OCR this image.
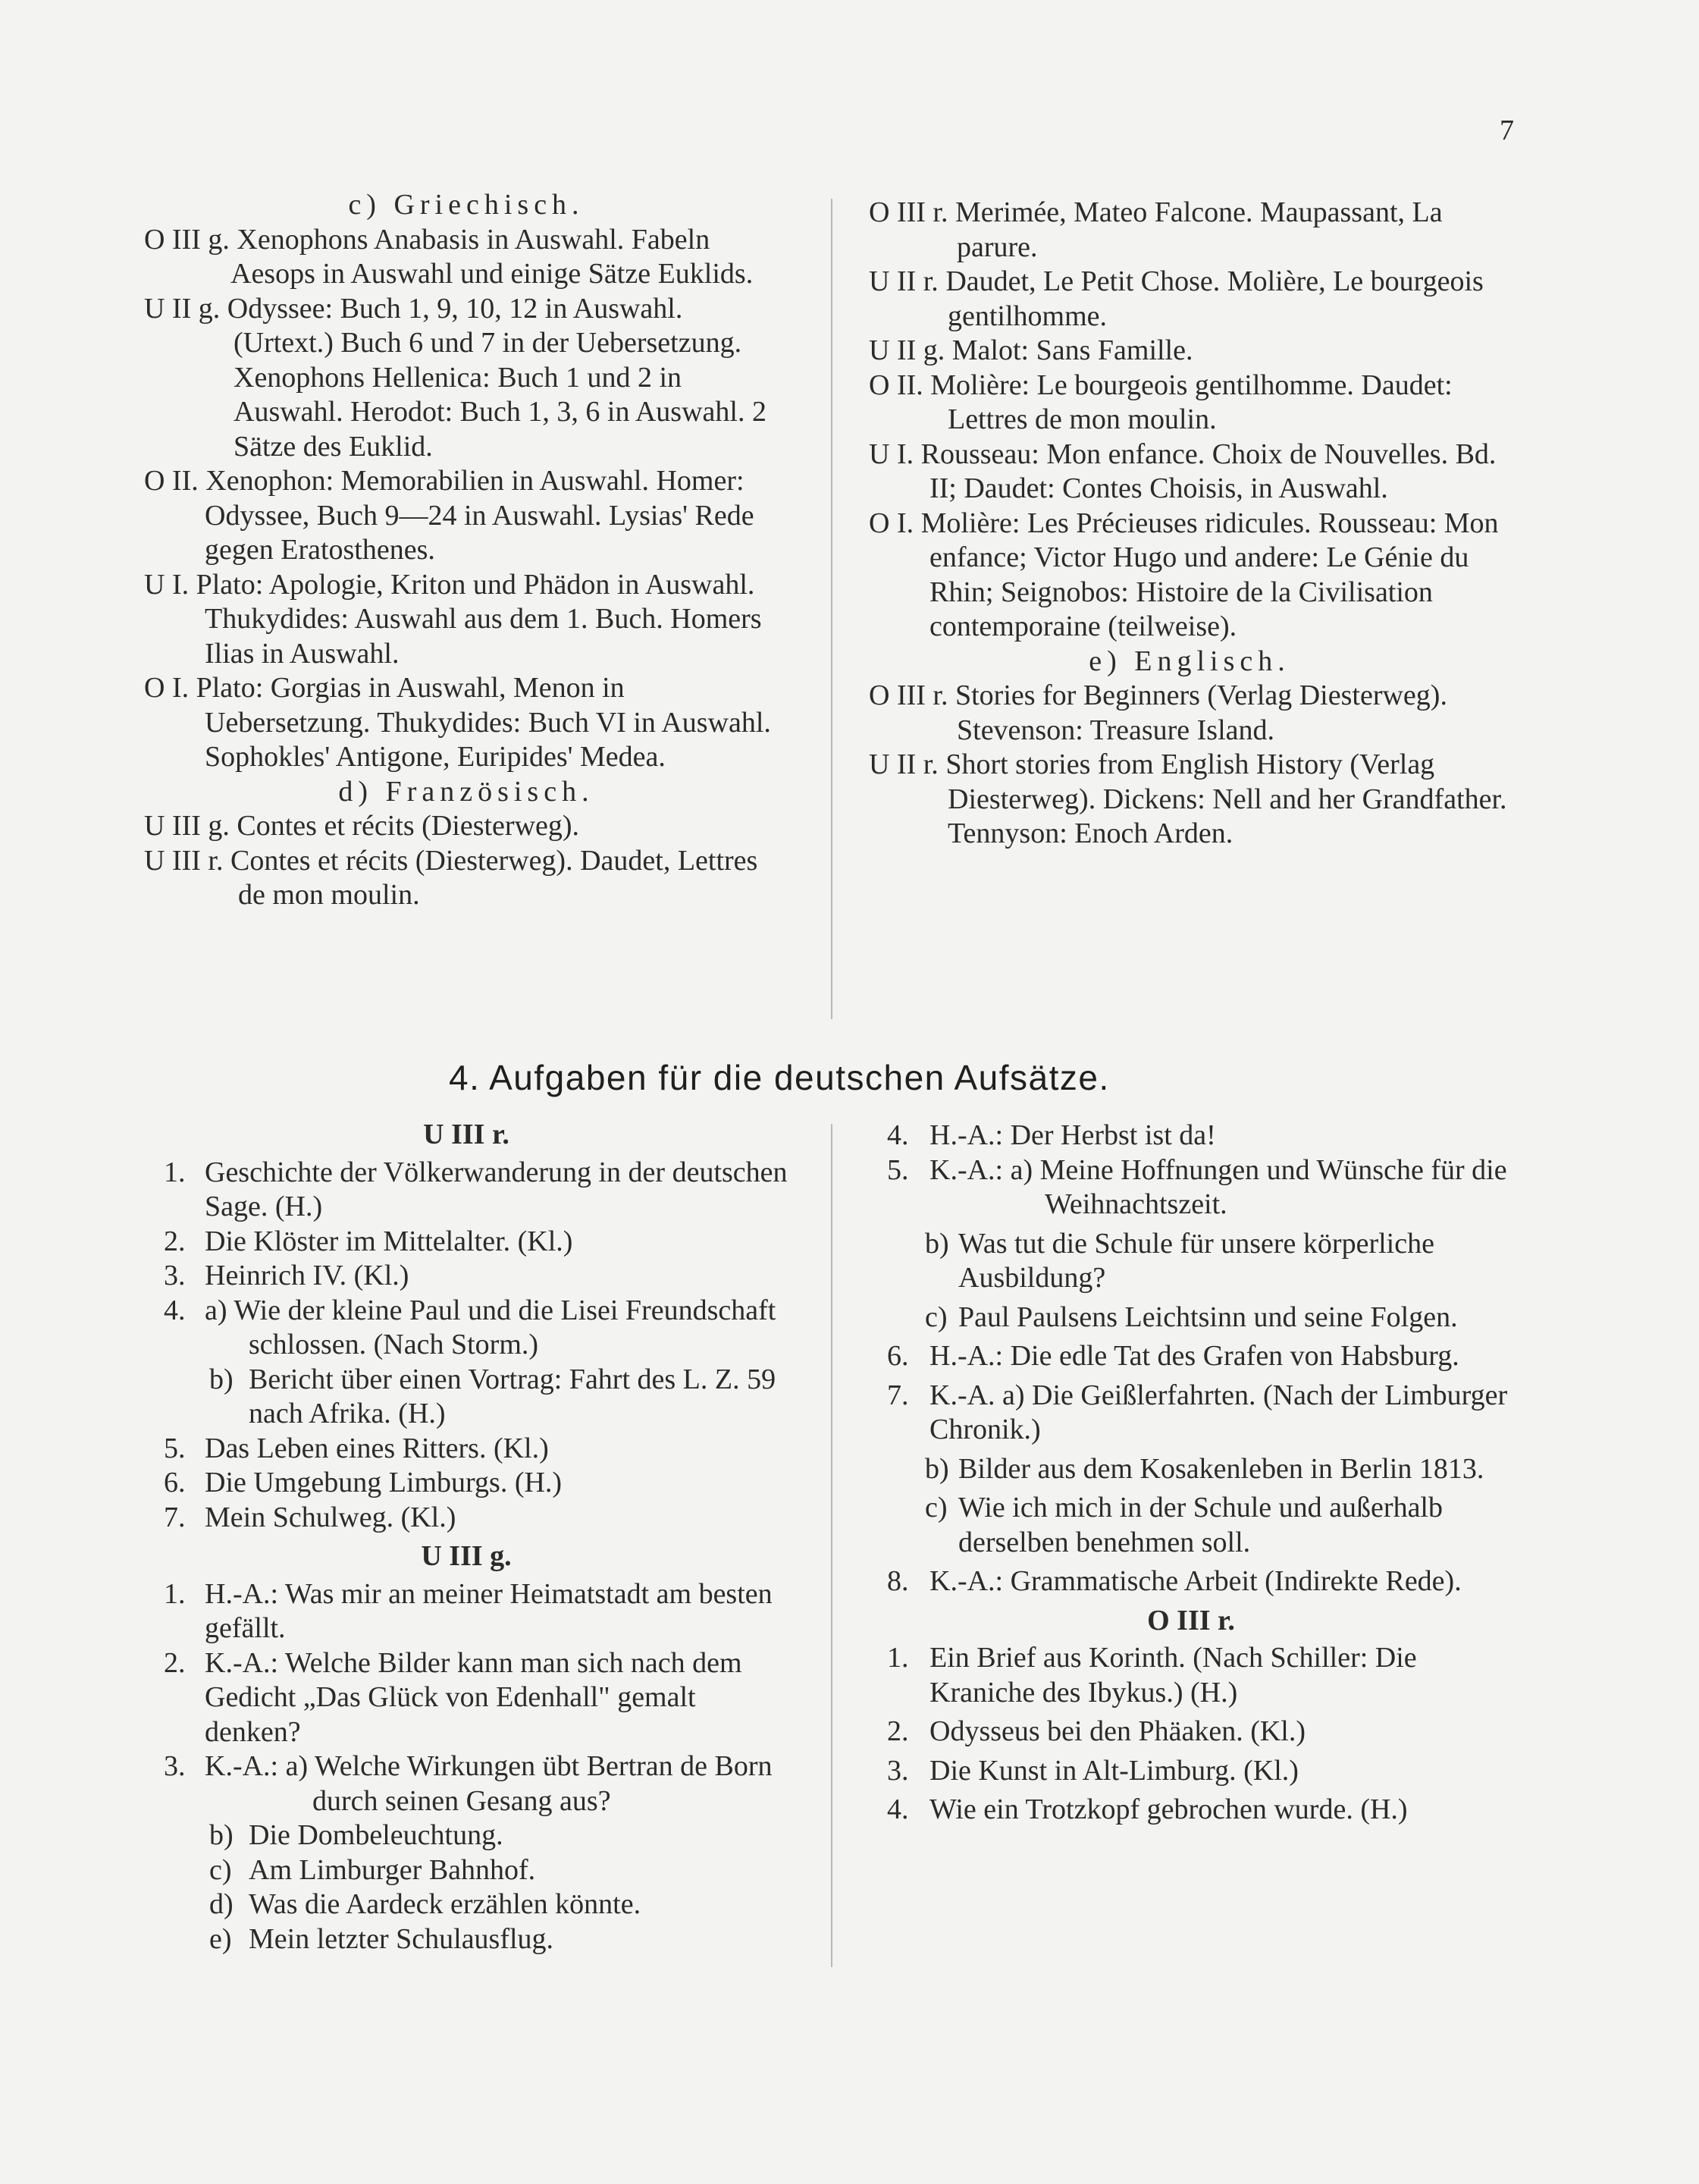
7

c) Griechisch.

O III g. Xenophons Anabasis in Auswahl. Fabeln Aesops in Auswahl und einige Sätze Euklids.

U II g. Odyssee: Buch 1, 9, 10, 12 in Auswahl. (Urtext.) Buch 6 und 7 in der Uebersetzung. Xenophons Hellenica: Buch 1 und 2 in Auswahl. Herodot: Buch 1, 3, 6 in Auswahl. 2 Sätze des Euklid.

O II. Xenophon: Memorabilien in Auswahl. Homer: Odyssee, Buch 9—24 in Auswahl. Lysias' Rede gegen Eratosthenes.

U I. Plato: Apologie, Kriton und Phädon in Auswahl. Thukydides: Auswahl aus dem 1. Buch. Homers Ilias in Auswahl.

O I. Plato: Gorgias in Auswahl, Menon in Uebersetzung. Thukydides: Buch VI in Auswahl. Sophokles' Antigone, Euripides' Medea.

d) Französisch.

U III g. Contes et récits (Diesterweg).

U III r. Contes et récits (Diesterweg). Daudet, Lettres de mon moulin.

O III r. Merimée, Mateo Falcone. Maupassant, La parure.

U II r. Daudet, Le Petit Chose. Molière, Le bourgeois gentilhomme.

U II g. Malot: Sans Famille.

O II. Molière: Le bourgeois gentilhomme. Daudet: Lettres de mon moulin.

U I. Rousseau: Mon enfance. Choix de Nouvelles. Bd. II; Daudet: Contes Choisis, in Auswahl.

O I. Molière: Les Précieuses ridicules. Rousseau: Mon enfance; Victor Hugo und andere: Le Génie du Rhin; Seignobos: Histoire de la Civilisation contemporaine (teilweise).

e) Englisch.

O III r. Stories for Beginners (Verlag Diesterweg). Stevenson: Treasure Island.

U II r. Short stories from English History (Verlag Diesterweg). Dickens: Nell and her Grandfather. Tennyson: Enoch Arden.

4. Aufgaben für die deutschen Aufsätze.

U III r.

1. Geschichte der Völkerwanderung in der deutschen Sage. (H.)

2. Die Klöster im Mittelalter. (Kl.)

3. Heinrich IV. (Kl.)

4. a) Wie der kleine Paul und die Lisei Freundschaft schlossen. (Nach Storm.)

b) Bericht über einen Vortrag: Fahrt des L. Z. 59 nach Afrika. (H.)

5. Das Leben eines Ritters. (Kl.)

6. Die Umgebung Limburgs. (H.)

7. Mein Schulweg. (Kl.)

U III g.

1. H.-A.: Was mir an meiner Heimatstadt am besten gefällt.

2. K.-A.: Welche Bilder kann man sich nach dem Gedicht „Das Glück von Edenhall" gemalt denken?

3. K.-A.: a) Welche Wirkungen übt Bertran de Born durch seinen Gesang aus?

b) Die Dombeleuchtung.

c) Am Limburger Bahnhof.

d) Was die Aardeck erzählen könnte.

e) Mein letzter Schulausflug.

4. H.-A.: Der Herbst ist da!

5. K.-A.: a) Meine Hoffnungen und Wünsche für die Weihnachtszeit.

b) Was tut die Schule für unsere körperliche Ausbildung?

c) Paul Paulsens Leichtsinn und seine Folgen.

6. H.-A.: Die edle Tat des Grafen von Habsburg.

7. K.-A. a) Die Geißlerfahrten. (Nach der Limburger Chronik.)

b) Bilder aus dem Kosakenleben in Berlin 1813.

c) Wie ich mich in der Schule und außerhalb derselben benehmen soll.

8. K.-A.: Grammatische Arbeit (Indirekte Rede).

O III r.

1. Ein Brief aus Korinth. (Nach Schiller: Die Kraniche des Ibykus.) (H.)

2. Odysseus bei den Phäaken. (Kl.)

3. Die Kunst in Alt-Limburg. (Kl.)

4. Wie ein Trotzkopf gebrochen wurde. (H.)
